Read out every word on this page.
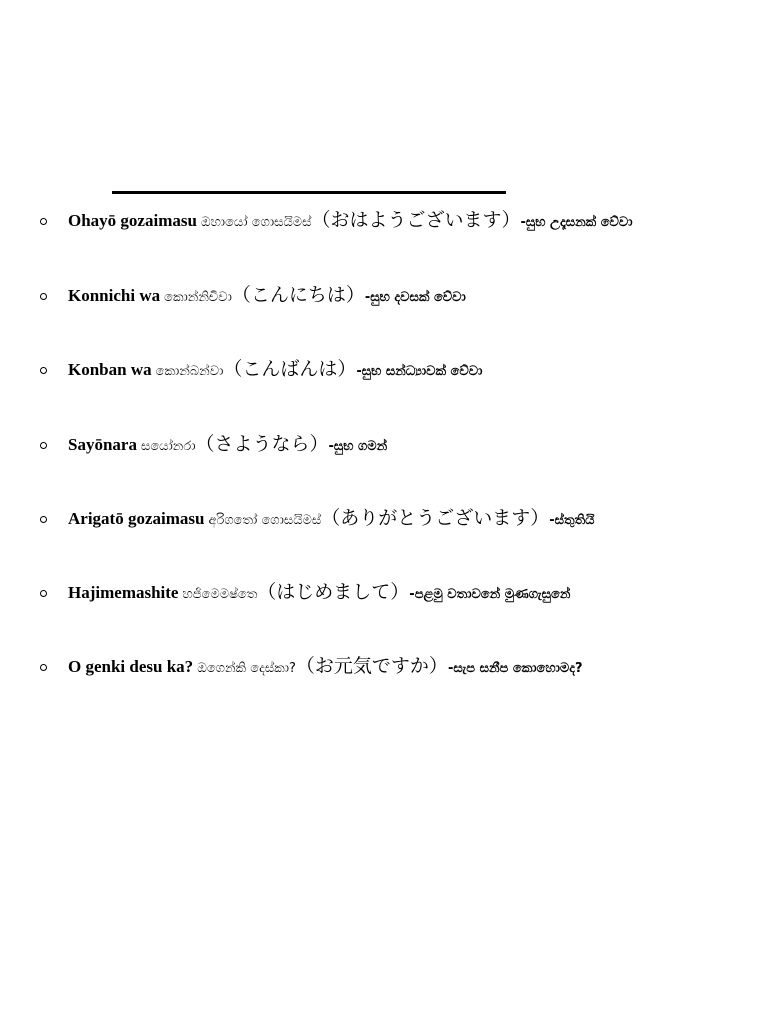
Ohayō gozaimasu ඔහායෝ ගොසයිමස්（おはようございます）-සුභ උදෑසනක් වේවා
Konnichi wa කොන්නිචිවා（こんにちは）-සුභ දවසක් වේවා
Konban wa කොන්බන්වා（こんばんは）-සුභ සන්ධ්‍යාවක් වේවා
Sayōnara සයෝනරා（さようなら）-සුභ ගමන්
Arigatō gozaimasu අරිගතෝ ගොසයිමස්（ありがとうございます）-ස්තුතියි
Hajimemashite හජිමෙමෂ්තෙ（はじめまして）-පළමු වතාවනේ මුණගැසුනේ
O genki desu ka? ඔගෙන්කි දෙස්කා?（お元気ですか）-සැප සනීප කොහොමද?
